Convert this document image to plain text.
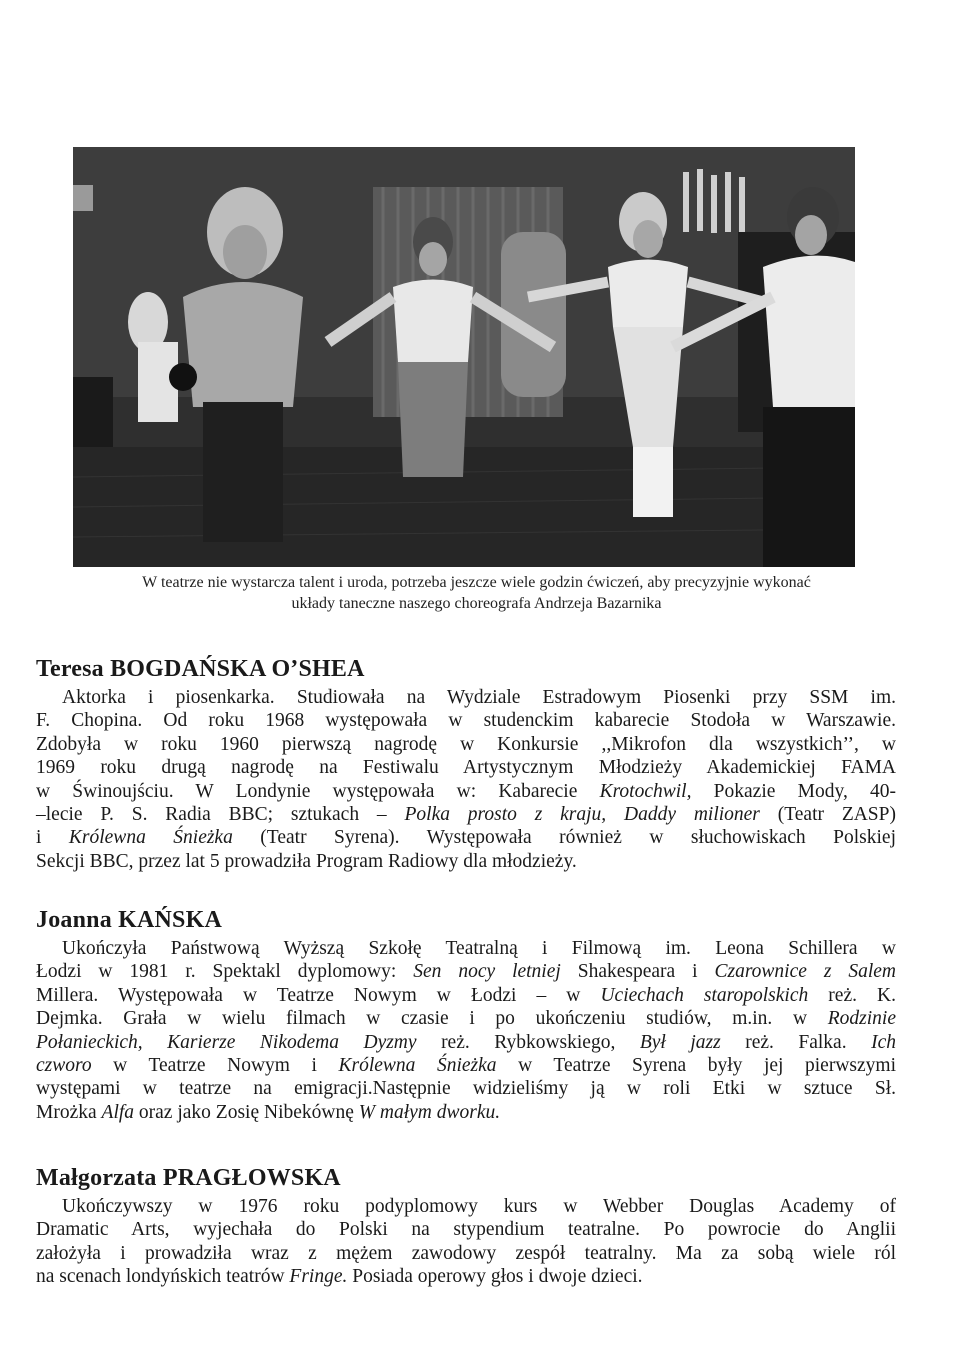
W teatrze nie wystarcza talent i uroda, potrzeba jeszcze wiele godzin ćwiczeń, aby precyzyjnie wykonać
układy taneczne naszego choreografa Andrzeja Bazarnika
Teresa BOGDAŃSKA O’SHEA
Aktorka i piosenkarka. Studiowała na Wydziale Estradowym Piosenki przy SSM im.
F. Chopina. Od roku 1968 występowała w studenckim kabarecie Stodoła w Warszawie.
Zdobyła w roku 1960 pierwszą nagrodę w Konkursie ,,Mikrofon dla wszystkich’’, w
1969 roku drugą nagrodę na Festiwalu Artystycznym Młodzieży Akademickiej FAMA
w Świnoujściu. W Londynie występowała w: Kabarecie Krotochwil, Pokazie Mody, 40-
–lecie P. S. Radia BBC; sztukach – Polka prosto z kraju, Daddy milioner (Teatr ZASP)
i Królewna Śnieżka (Teatr Syrena). Występowała również w słuchowiskach Polskiej
Sekcji BBC, przez lat 5 prowadziła Program Radiowy dla młodzieży.
Joanna KAŃSKA
Ukończyła Państwową Wyższą Szkołę Teatralną i Filmową im. Leona Schillera w
Łodzi w 1981 r. Spektakl dyplomowy: Sen nocy letniej Shakespeara i Czarownice z Salem
Millera. Występowała w Teatrze Nowym w Łodzi – w Uciechach staropolskich reż. K.
Dejmka. Grała w wielu filmach w czasie i po ukończeniu studiów, m.in. w Rodzinie
Połanieckich, Karierze Nikodema Dyzmy reż. Rybkowskiego, Był jazz reż. Falka. Ich
czworo w Teatrze Nowym i Królewna Śnieżka w Teatrze Syrena były jej pierwszymi
występami w teatrze na emigracji.Następnie widzieliśmy ją w roli Etki w sztuce Sł.
Mrożka Alfa oraz jako Zosię Nibekównę W małym dworku.
Małgorzata PRAGŁOWSKA
Ukończywszy w 1976 roku podyplomowy kurs w Webber Douglas Academy of
Dramatic Arts, wyjechała do Polski na stypendium teatralne. Po powrocie do Anglii
założyła i prowadziła wraz z mężem zawodowy zespół teatralny. Ma za sobą wiele ról
na scenach londyńskich teatrów Fringe. Posiada operowy głos i dwoje dzieci.
